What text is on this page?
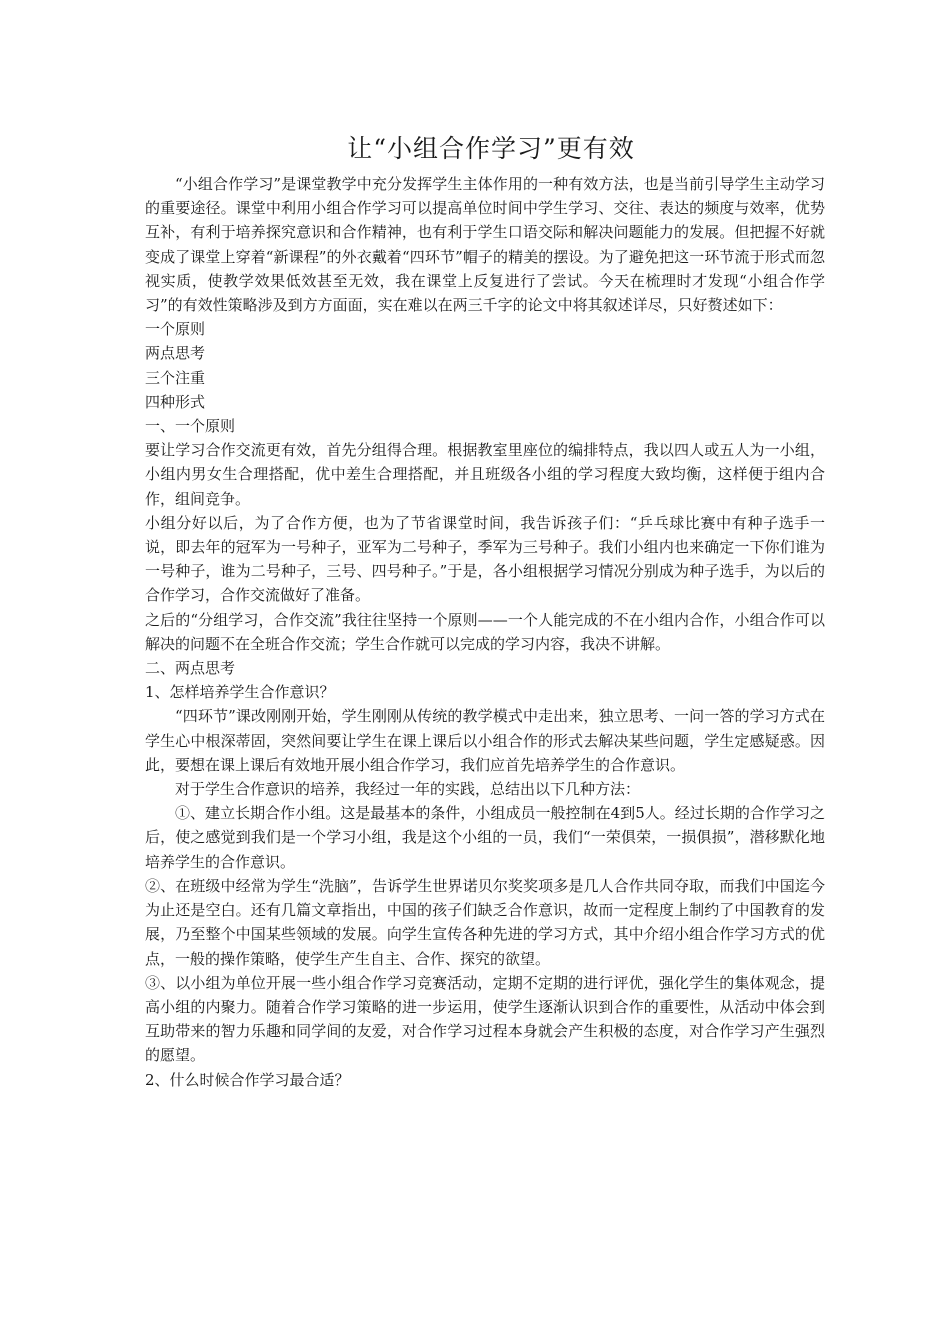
让“小组合作学习”更有效

“小组合作学习”是课堂教学中充分发挥学生主体作用的一种有效方法，也是当前引导学生主动学习的重要途径。课堂中利用小组合作学习可以提高单位时间中学生学习、交往、表达的频度与效率，优势互补，有利于培养探究意识和合作精神，也有利于学生口语交际和解决问题能力的发展。但把握不好就变成了课堂上穿着“新课程”的外衣戴着“四环节”帽子的精美的摆设。为了避免把这一环节流于形式而忽视实质，使教学效果低效甚至无效，我在课堂上反复进行了尝试。今天在梳理时才发现“小组合作学习”的有效性策略涉及到方方面面，实在难以在两三千字的论文中将其叙述详尽，只好赘述如下：

一个原则

两点思考

三个注重

四种形式

一、一个原则

要让学习合作交流更有效，首先分组得合理。根据教室里座位的编排特点，我以四人或五人为一小组，小组内男女生合理搭配，优中差生合理搭配，并且班级各小组的学习程度大致均衡，这样便于组内合作，组间竞争。

小组分好以后，为了合作方便，也为了节省课堂时间，我告诉孩子们：“乒乓球比赛中有种子选手一说，即去年的冠军为一号种子，亚军为二号种子，季军为三号种子。我们小组内也来确定一下你们谁为一号种子，谁为二号种子，三号、四号种子。”于是，各小组根据学习情况分别成为种子选手，为以后的合作学习，合作交流做好了准备。

之后的“分组学习，合作交流”我往往坚持一个原则——一个人能完成的不在小组内合作，小组合作可以解决的问题不在全班合作交流；学生合作就可以完成的学习内容，我决不讲解。

二、两点思考

1、怎样培养学生合作意识？

“四环节”课改刚刚开始，学生刚刚从传统的教学模式中走出来，独立思考、一问一答的学习方式在学生心中根深蒂固，突然间要让学生在课上课后以小组合作的形式去解决某些问题，学生定感疑惑。因此，要想在课上课后有效地开展小组合作学习，我们应首先培养学生的合作意识。

对于学生合作意识的培养，我经过一年的实践，总结出以下几种方法：

①、建立长期合作小组。这是最基本的条件，小组成员一般控制在4到5人。经过长期的合作学习之后，使之感觉到我们是一个学习小组，我是这个小组的一员，我们“一荣俱荣，一损俱损”，潜移默化地培养学生的合作意识。

②、在班级中经常为学生“洗脑”，告诉学生世界诺贝尔奖奖项多是几人合作共同夺取，而我们中国迄今为止还是空白。还有几篇文章指出，中国的孩子们缺乏合作意识，故而一定程度上制约了中国教育的发展，乃至整个中国某些领域的发展。向学生宣传各种先进的学习方式，其中介绍小组合作学习方式的优点，一般的操作策略，使学生产生自主、合作、探究的欲望。

③、以小组为单位开展一些小组合作学习竞赛活动，定期不定期的进行评优，强化学生的集体观念，提高小组的内聚力。随着合作学习策略的进一步运用，使学生逐渐认识到合作的重要性，从活动中体会到互助带来的智力乐趣和同学间的友爱，对合作学习过程本身就会产生积极的态度，对合作学习产生强烈的愿望。

2、什么时候合作学习最合适？
